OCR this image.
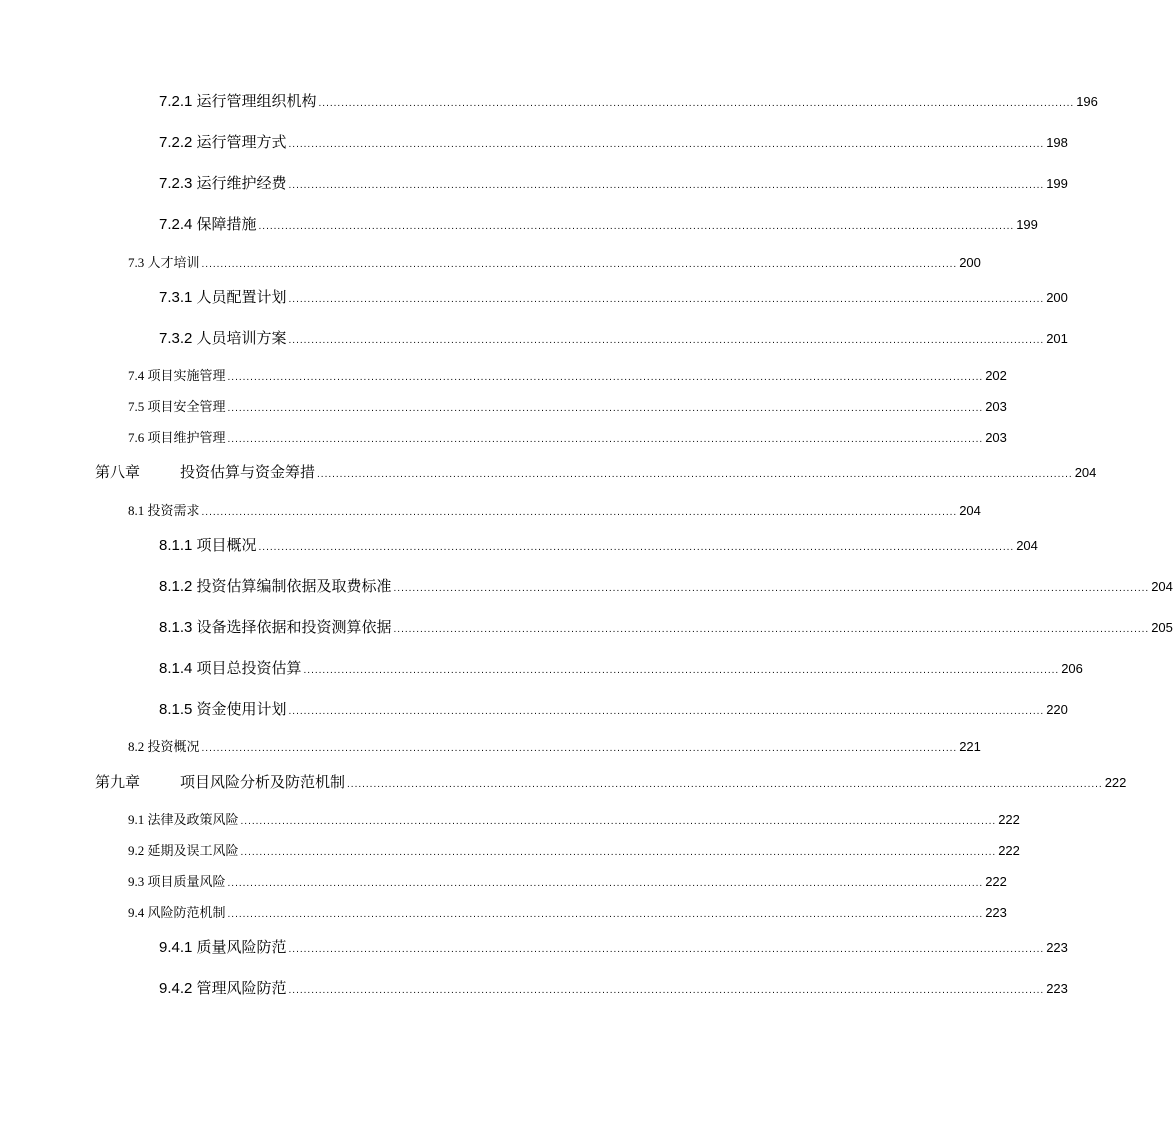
7.2.1 运行管理组织机构 ........................................................................................................................................................................................................ 196
7.2.2 运行管理方式 ........................................................................................................................................................................................................ 198
7.2.3 运行维护经费 ........................................................................................................................................................................................................ 199
7.2.4 保障措施 ........................................................................................................................................................................................................ 199
7.3 人才培训 ........................................................................................................................................................................................................ 200
7.3.1 人员配置计划 ........................................................................................................................................................................................................ 200
7.3.2 人员培训方案 ........................................................................................................................................................................................................ 201
7.4 项目实施管理 ........................................................................................................................................................................................................ 202
7.5 项目安全管理 ........................................................................................................................................................................................................ 203
7.6 项目维护管理 ........................................................................................................................................................................................................ 203
第八章	投资估算与资金筹措 ........................................................................................................................................................................................................ 204
8.1 投资需求 ........................................................................................................................................................................................................ 204
8.1.1 项目概况 ........................................................................................................................................................................................................ 204
8.1.2 投资估算编制依据及取费标准 ........................................................................................................................................................................................................ 204
8.1.3 设备选择依据和投资测算依据 ........................................................................................................................................................................................................ 205
8.1.4 项目总投资估算 ........................................................................................................................................................................................................ 206
8.1.5 资金使用计划 ........................................................................................................................................................................................................ 220
8.2 投资概况 ........................................................................................................................................................................................................ 221
第九章	项目风险分析及防范机制 ........................................................................................................................................................................................................ 222
9.1 法律及政策风险 ........................................................................................................................................................................................................ 222
9.2 延期及误工风险 ........................................................................................................................................................................................................ 222
9.3 项目质量风险 ........................................................................................................................................................................................................ 222
9.4 风险防范机制 ........................................................................................................................................................................................................ 223
9.4.1 质量风险防范 ........................................................................................................................................................................................................ 223
9.4.2 管理风险防范 ........................................................................................................................................................................................................ 223
